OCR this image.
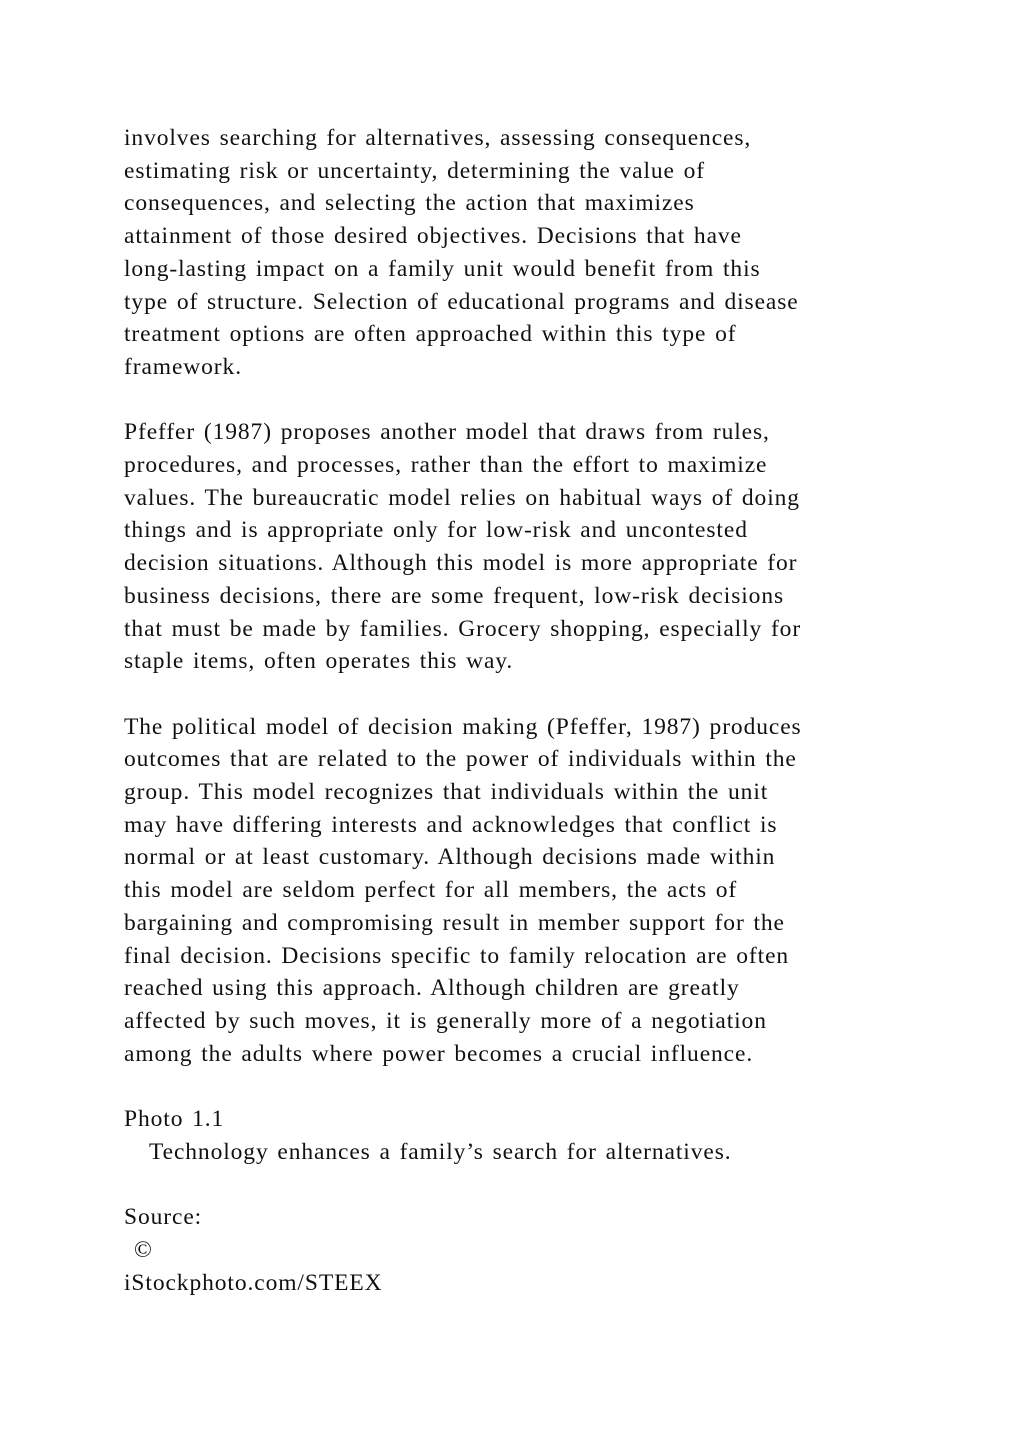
involves searching for alternatives, assessing consequences,
estimating risk or uncertainty, determining the value of
consequences, and selecting the action that maximizes
attainment of those desired objectives. Decisions that have
long-lasting impact on a family unit would benefit from this
type of structure. Selection of educational programs and disease
treatment options are often approached within this type of
framework.
Pfeffer (1987) proposes another model that draws from rules,
procedures, and processes, rather than the effort to maximize
values. The bureaucratic model relies on habitual ways of doing
things and is appropriate only for low-risk and uncontested
decision situations. Although this model is more appropriate for
business decisions, there are some frequent, low-risk decisions
that must be made by families. Grocery shopping, especially for
staple items, often operates this way.
The political model of decision making (Pfeffer, 1987) produces
outcomes that are related to the power of individuals within the
group. This model recognizes that individuals within the unit
may have differing interests and acknowledges that conflict is
normal or at least customary. Although decisions made within
this model are seldom perfect for all members, the acts of
bargaining and compromising result in member support for the
final decision. Decisions specific to family relocation are often
reached using this approach. Although children are greatly
affected by such moves, it is generally more of a negotiation
among the adults where power becomes a crucial influence.
Photo 1.1
Technology enhances a family’s search for alternatives.
Source:
©
iStockphoto.com/STEEX
